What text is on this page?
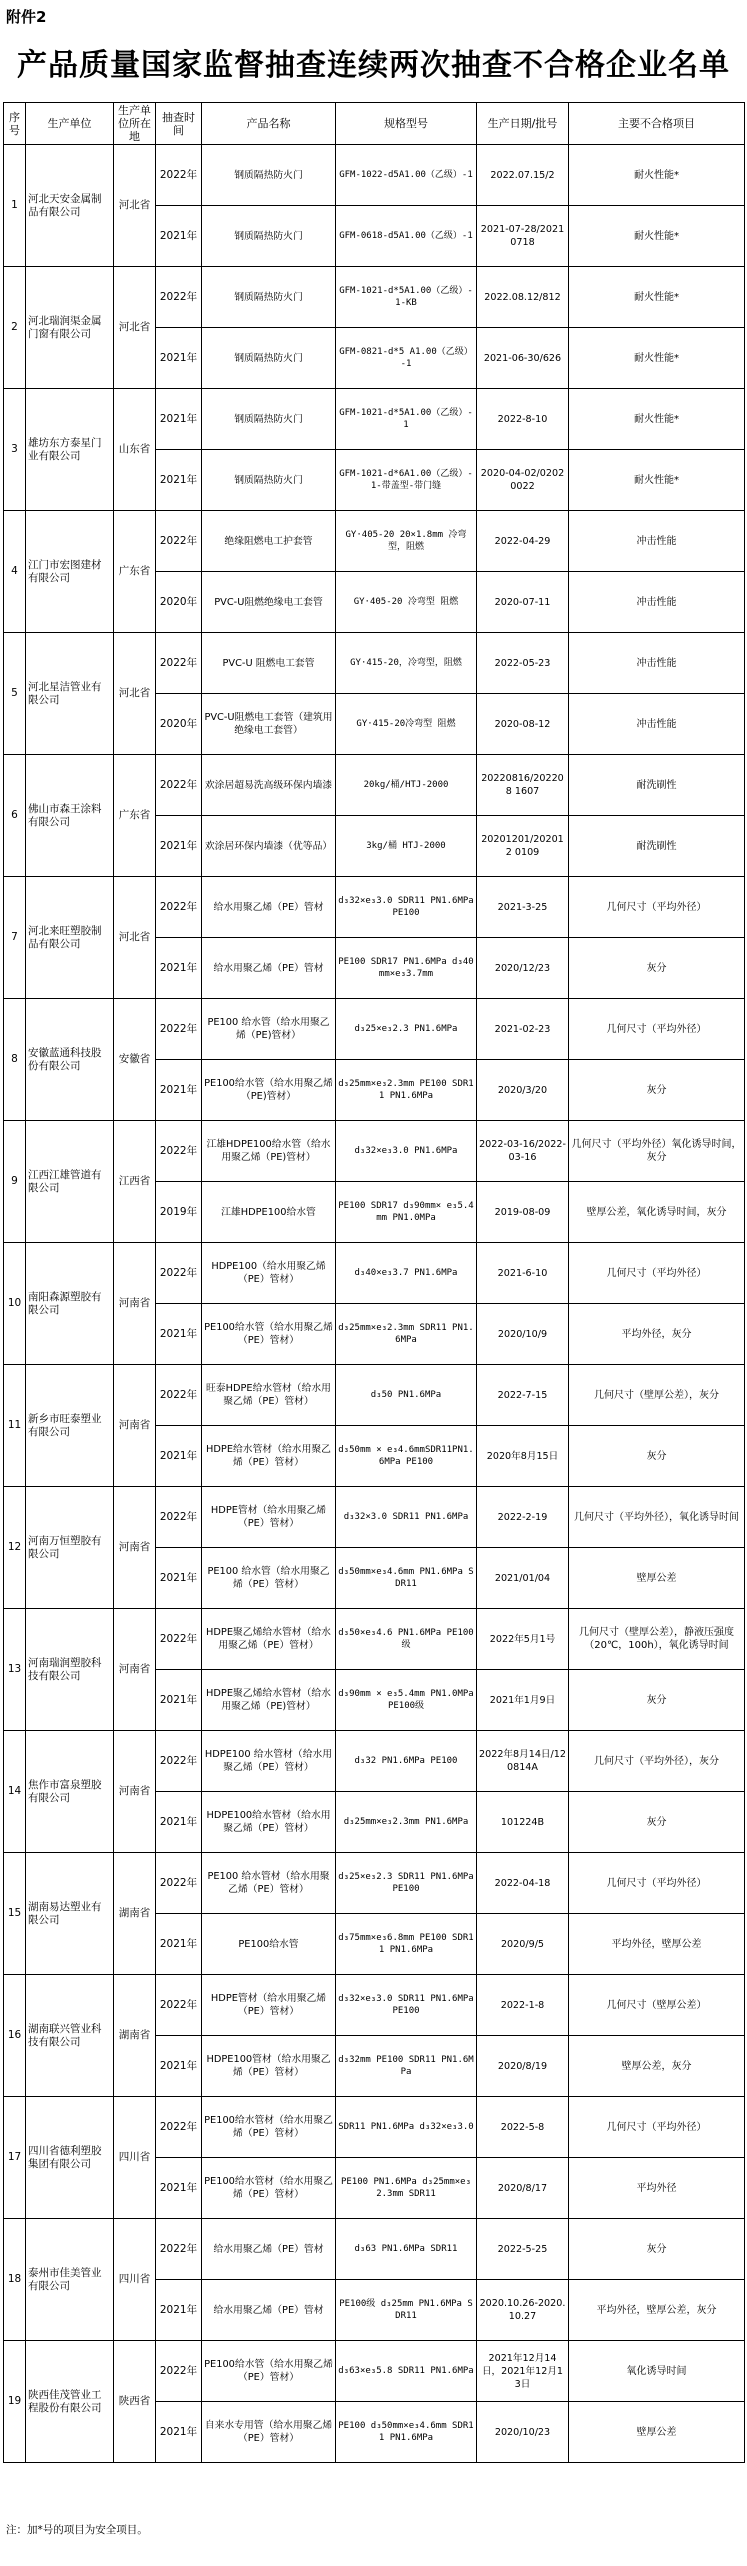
附件2
产品质量国家监督抽查连续两次抽查不合格企业名单
序号	生产单位	生产单位所在地	抽查时间	产品名称	规格型号	生产日期/批号	主要不合格项目
1	河北天安金属制品有限公司	河北省	2022年	钢质隔热防火门	GFM-1022-d5A1.00（乙级）-1	2022.07.15/2	耐火性能*
			2021年	钢质隔热防火门	GFM-0618-d5A1.00（乙级）-1	2021-07-28/20210718	耐火性能*
2	河北瑞润渠金属门窗有限公司	河北省	2022年	钢质隔热防火门	GFM-1021-d*5A1.00（乙级）-1-KB	2022.08.12/812	耐火性能*
			2021年	钢质隔热防火门	GFM-0821-d*5 A1.00（乙级）-1	2021-06-30/626	耐火性能*
3	雄坊东方泰星门业有限公司	山东省	2021年	钢质隔热防火门	GFM-1021-d*5A1.00（乙级）-1	2022-8-10	耐火性能*
			2021年	钢质隔热防火门	GFM-1021-d*6A1.00（乙级）-1-带盖型-带门缝	2020-04-02/02020022	耐火性能*
4	江门市宏图建材有限公司	广东省	2022年	绝缘阻燃电工护套管	GY·405-20 20×1.8mm 冷弯型，阻燃	2022-04-29	冲击性能
			2020年	PVC-U阻燃绝缘电工套管	GY·405-20 冷弯型 阻燃	2020-07-11	冲击性能
5	河北星洁管业有限公司	河北省	2022年	PVC-U 阻燃电工套管	GY·415-20，冷弯型，阻燃	2022-05-23	冲击性能
			2020年	PVC-U阻燃电工套管（建筑用绝缘电工套管）	GY·415-20冷弯型 阻燃	2020-08-12	冲击性能
6	佛山市森王涂料有限公司	广东省	2022年	欢涂居超易洗高级环保内墙漆	20kg/桶/HTJ-2000	20220816/202208 1607	耐洗刷性
			2021年	欢涂居环保内墙漆（优等品）	3kg/桶 HTJ-2000	20201201/202012 0109	耐洗刷性
7	河北来旺塑胶制品有限公司	河北省	2022年	给水用聚乙烯（PE）管材	d₃32×e₃3.0 SDR11 PN1.6MPa PE100	2021-3-25	几何尺寸（平均外径）
			2021年	给水用聚乙烯（PE）管材	PE100 SDR17 PN1.6MPa d₃40mm×e₃3.7mm	2020/12/23	灰分
8	安徽蓝通科技股份有限公司	安徽省	2022年	PE100 给水管（给水用聚乙烯（PE)管材）	d₃25×e₃2.3 PN1.6MPa	2021-02-23	几何尺寸（平均外径）
			2021年	PE100给水管（给水用聚乙烯（PE)管材）	d₃25mm×e₃2.3mm PE100 SDR11 PN1.6MPa	2020/3/20	灰分
9	江西江雄管道有限公司	江西省	2022年	江雄HDPE100给水管（给水用聚乙烯（PE)管材）	d₃32×e₃3.0 PN1.6MPa	2022-03-16/2022-03-16	几何尺寸（平均外径）氧化诱导时间，灰分
			2019年	江雄HDPE100给水管	PE100 SDR17 d₃90mm× e₃5.4mm PN1.0MPa	2019-08-09	壁厚公差，氧化诱导时间，灰分
10	南阳森源塑胶有限公司	河南省	2022年	HDPE100（给水用聚乙烯（PE）管材）	d₃40×e₃3.7 PN1.6MPa	2021-6-10	几何尺寸（平均外径）
			2021年	PE100给水管（给水用聚乙烯（PE）管材）	d₃25mm×e₃2.3mm SDR11 PN1.6MPa	2020/10/9	平均外径，灰分
11	新乡市旺泰塑业有限公司	河南省	2022年	旺泰HDPE给水管材（给水用聚乙烯（PE）管材）	d₃50 PN1.6MPa	2022-7-15	几何尺寸（壁厚公差），灰分
			2021年	HDPE给水管材（给水用聚乙烯（PE）管材）	d₃50mm × e₃4.6mmSDR11PN1.6MPa PE100	2020年8月15日	灰分
12	河南万恒塑胶有限公司	河南省	2022年	HDPE管材（给水用聚乙烯（PE）管材）	d₃32×3.0 SDR11 PN1.6MPa	2022-2-19	几何尺寸（平均外径），氧化诱导时间
			2021年	PE100 给水管（给水用聚乙烯（PE）管材）	d₃50mm×e₃4.6mm PN1.6MPa SDR11	2021/01/04	壁厚公差
13	河南瑞润塑胶科技有限公司	河南省	2022年	HDPE聚乙烯给水管材（给水用聚乙烯（PE）管材）	d₃50×e₃4.6 PN1.6MPa PE100级	2022年5月1号	几何尺寸（壁厚公差），静液压强度（20℃，100h），氧化诱导时间
			2021年	HDPE聚乙烯给水管材（给水用聚乙烯（PE)管材）	d₃90mm × e₃5.4mm PN1.0MPa PE100级	2021年1月9日	灰分
14	焦作市富泉塑胶有限公司	河南省	2022年	HDPE100 给水管材（给水用聚乙烯（PE）管材）	d₃32 PN1.6MPa PE100	2022年8月14日/120814A	几何尺寸（平均外径），灰分
			2021年	HDPE100给水管材（给水用聚乙烯（PE）管材）	d₃25mm×e₃2.3mm PN1.6MPa	101224B	灰分
15	湖南易达塑业有限公司	湖南省	2022年	PE100 给水管材（给水用聚乙烯（PE）管材）	d₃25×e₃2.3 SDR11 PN1.6MPa PE100	2022-04-18	几何尺寸（平均外径）
			2021年	PE100给水管	d₃75mm×e₃6.8mm PE100 SDR11 PN1.6MPa	2020/9/5	平均外径，壁厚公差
16	湖南联兴管业科技有限公司	湖南省	2022年	HDPE管材（给水用聚乙烯（PE）管材）	d₃32×e₃3.0 SDR11 PN1.6MPa PE100	2022-1-8	几何尺寸（壁厚公差）
			2021年	HDPE100管材（给水用聚乙烯（PE）管材）	d₃32mm PE100 SDR11 PN1.6MPa	2020/8/19	壁厚公差，灰分
17	四川省德利塑胶集团有限公司	四川省	2022年	PE100给水管材（给水用聚乙烯（PE）管材）	SDR11 PN1.6MPa d₃32×e₃3.0	2022-5-8	几何尺寸（平均外径）
			2021年	PE100给水管材（给水用聚乙烯（PE）管材）	PE100 PN1.6MPa d₃25mm×e₃2.3mm SDR11	2020/8/17	平均外径
18	泰州市佳美管业有限公司	四川省	2022年	给水用聚乙烯（PE）管材	d₃63 PN1.6MPa SDR11	2022-5-25	灰分
			2021年	给水用聚乙烯（PE）管材	PE100级 d₃25mm PN1.6MPa SDR11	2020.10.26-2020.10.27	平均外径，壁厚公差，灰分
19	陕西佳茂管业工程股份有限公司	陕西省	2022年	PE100给水管（给水用聚乙烯（PE）管材）	d₃63×e₃5.8 SDR11 PN1.6MPa	2021年12月14日，2021年12月13日	氧化诱导时间
			2021年	自来水专用管（给水用聚乙烯（PE）管材）	PE100 d₃50mm×e₃4.6mm SDR11 PN1.6MPa	2020/10/23	壁厚公差
注：加*号的项目为安全项目。
